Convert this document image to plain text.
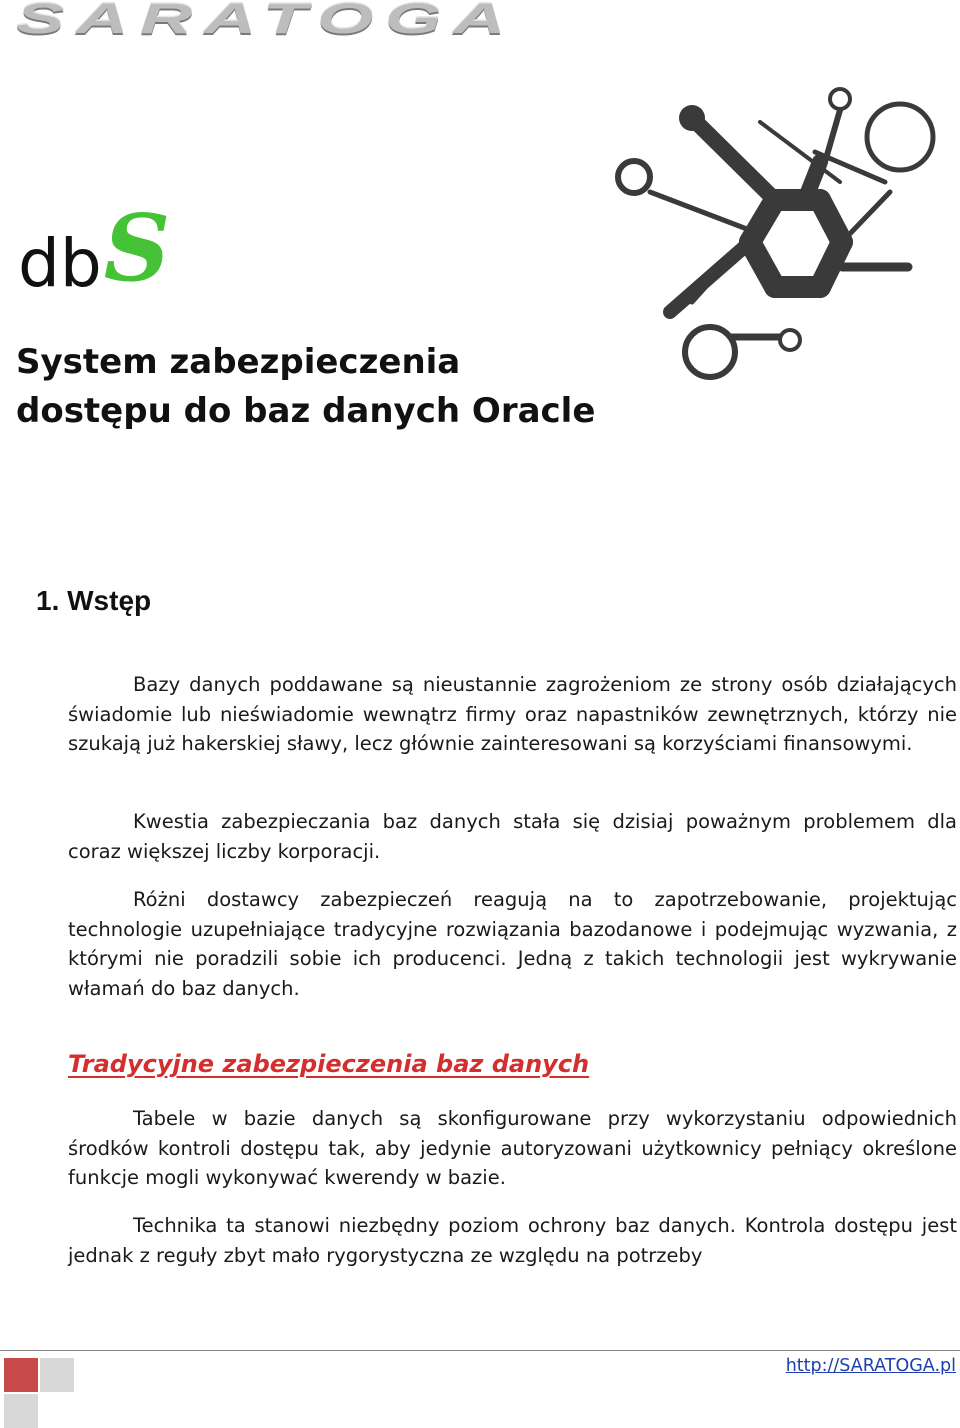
SARATOGA
dbS
System zabezpieczenia
dostępu do baz danych Oracle
1. Wstęp

Bazy danych poddawane są nieustannie zagrożeniom ze strony osób działających świadomie lub nieświadomie wewnątrz firmy oraz napastników zewnętrznych, którzy nie szukają już hakerskiej sławy, lecz głównie zainteresowani są korzyściami finansowymi.

Kwestia zabezpieczania baz danych stała się dzisiaj poważnym problemem dla coraz większej liczby korporacji.

Różni dostawcy zabezpieczeń reagują na to zapotrzebowanie, projektując technologie uzupełniające tradycyjne rozwiązania bazodanowe i podejmując wyzwania, z którymi nie poradzili sobie ich producenci. Jedną z takich technologii jest wykrywanie włamań do baz danych.

Tradycyjne zabezpieczenia baz danych

Tabele w bazie danych są skonfigurowane przy wykorzystaniu odpowiednich środków kontroli dostępu tak, aby jedynie autoryzowani użytkownicy pełniący określone funkcje mogli wykonywać kwerendy w bazie.

Technika ta stanowi niezbędny poziom ochrony baz danych. Kontrola dostępu jest jednak z reguły zbyt mało rygorystyczna ze względu na potrzeby

http://SARATOGA.pl
